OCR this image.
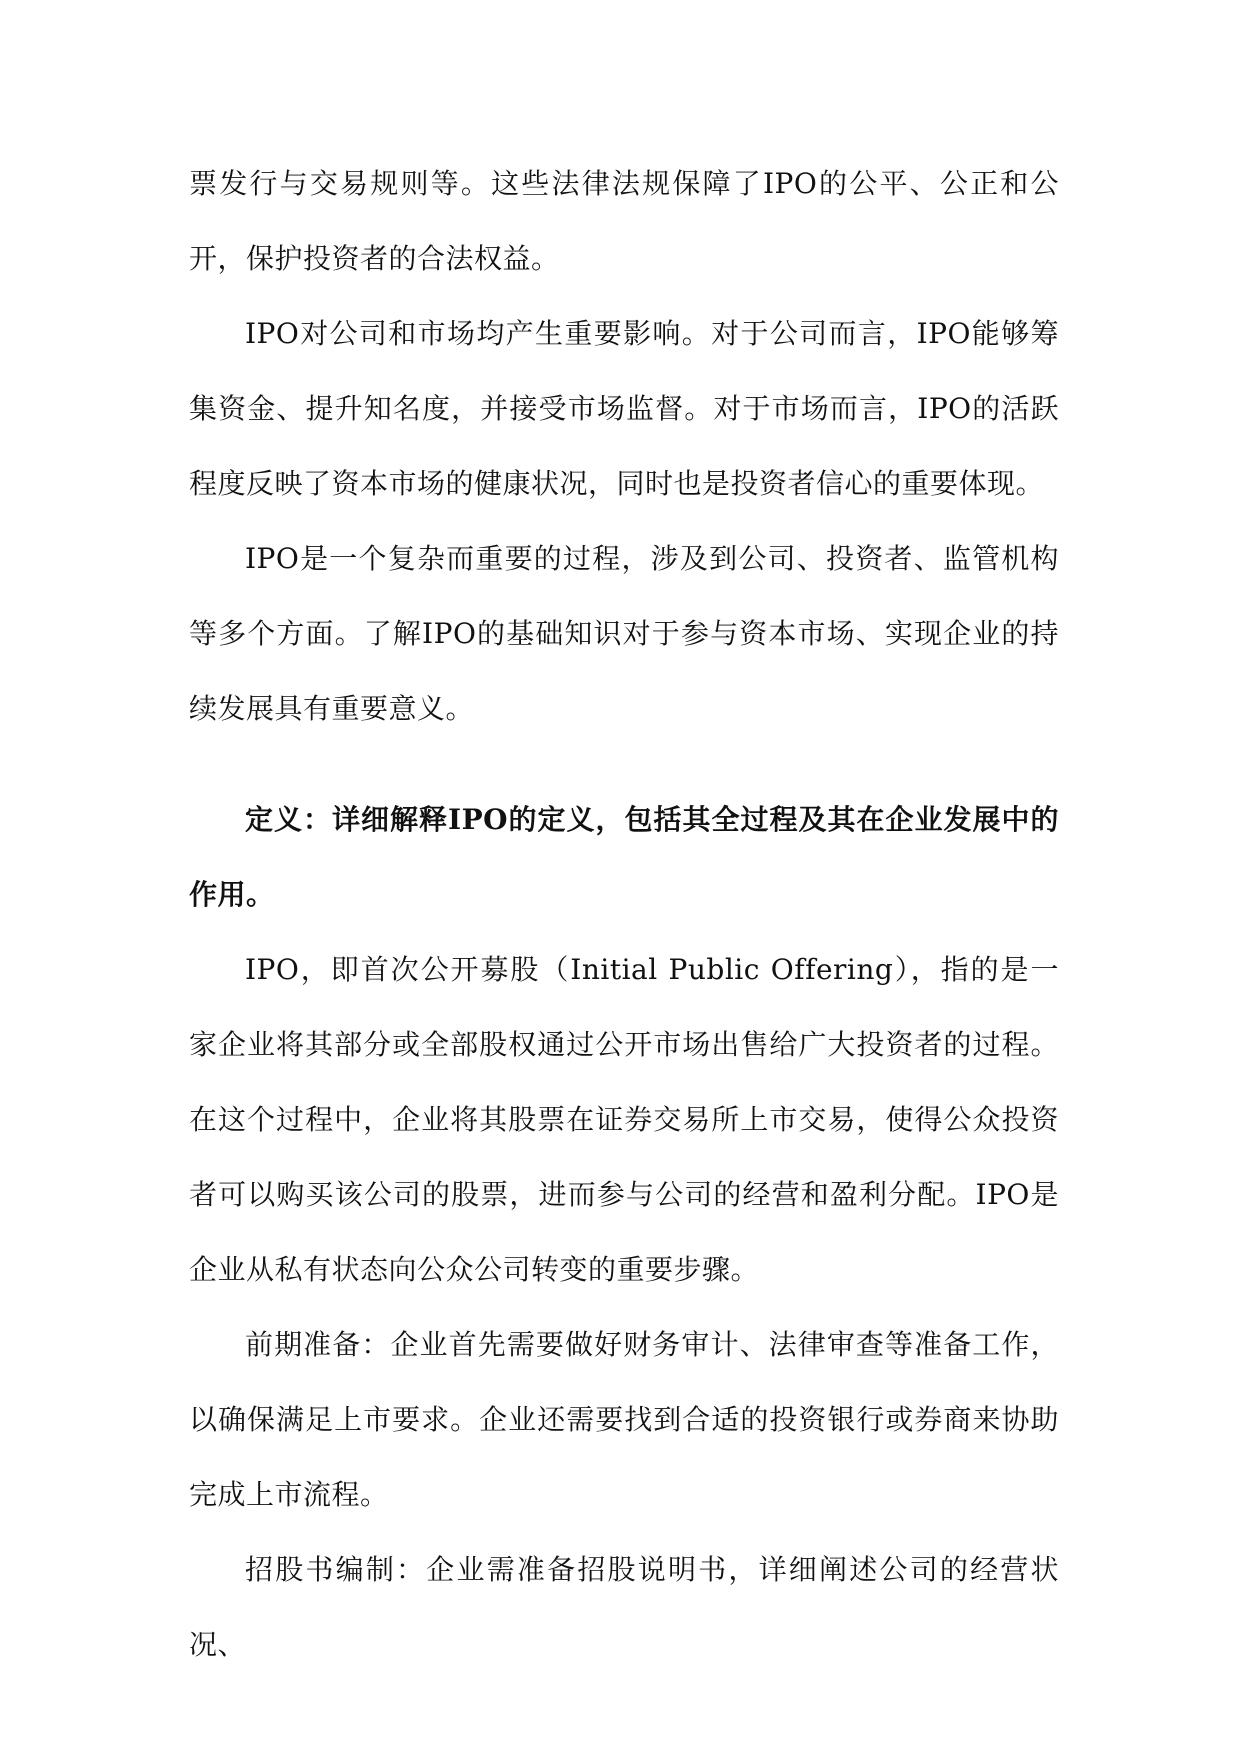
票发行与交易规则等。这些法律法规保障了IPO的公平、公正和公开，保护投资者的合法权益。

IPO对公司和市场均产生重要影响。对于公司而言，IPO能够筹集资金、提升知名度，并接受市场监督。对于市场而言，IPO的活跃程度反映了资本市场的健康状况，同时也是投资者信心的重要体现。

IPO是一个复杂而重要的过程，涉及到公司、投资者、监管机构等多个方面。了解IPO的基础知识对于参与资本市场、实现企业的持续发展具有重要意义。

定义：详细解释IPO的定义，包括其全过程及其在企业发展中的作用。

IPO，即首次公开募股（Initial Public Offering），指的是一家企业将其部分或全部股权通过公开市场出售给广大投资者的过程。在这个过程中，企业将其股票在证券交易所上市交易，使得公众投资者可以购买该公司的股票，进而参与公司的经营和盈利分配。IPO是企业从私有状态向公众公司转变的重要步骤。

前期准备：企业首先需要做好财务审计、法律审查等准备工作，以确保满足上市要求。企业还需要找到合适的投资银行或券商来协助完成上市流程。

招股书编制：企业需准备招股说明书，详细阐述公司的经营状况、
